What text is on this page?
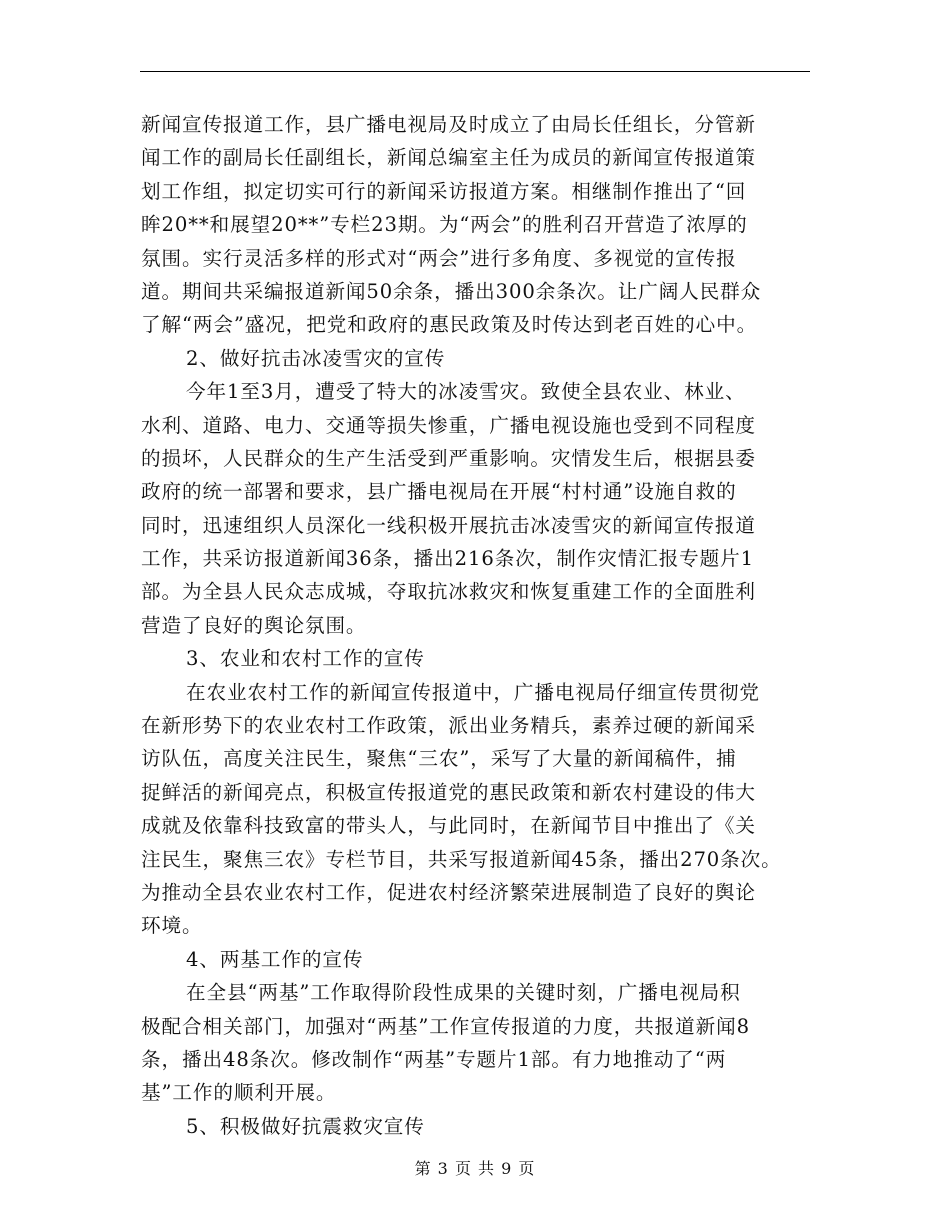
新闻宣传报道工作，县广播电视局及时成立了由局长任组长，分管新
闻工作的副局长任副组长，新闻总编室主任为成员的新闻宣传报道策
划工作组，拟定切实可行的新闻采访报道方案。相继制作推出了“回
眸20**和展望20**”专栏23期。为“两会”的胜利召开营造了浓厚的
氛围。实行灵活多样的形式对“两会”进行多角度、多视觉的宣传报
道。期间共采编报道新闻50余条，播出300余条次。让广阔人民群众
了解“两会”盛况，把党和政府的惠民政策及时传达到老百姓的心中。
2、做好抗击冰凌雪灾的宣传
今年1至3月，遭受了特大的冰凌雪灾。致使全县农业、林业、
水利、道路、电力、交通等损失惨重，广播电视设施也受到不同程度
的损坏，人民群众的生产生活受到严重影响。灾情发生后，根据县委
政府的统一部署和要求，县广播电视局在开展“村村通”设施自救的
同时，迅速组织人员深化一线积极开展抗击冰凌雪灾的新闻宣传报道
工作，共采访报道新闻36条，播出216条次，制作灾情汇报专题片1
部。为全县人民众志成城，夺取抗冰救灾和恢复重建工作的全面胜利
营造了良好的舆论氛围。
3、农业和农村工作的宣传
在农业农村工作的新闻宣传报道中，广播电视局仔细宣传贯彻党
在新形势下的农业农村工作政策，派出业务精兵，素养过硬的新闻采
访队伍，高度关注民生，聚焦“三农”，采写了大量的新闻稿件，捕
捉鲜活的新闻亮点，积极宣传报道党的惠民政策和新农村建设的伟大
成就及依靠科技致富的带头人，与此同时，在新闻节目中推出了《关
注民生，聚焦三农》专栏节目，共采写报道新闻45条，播出270条次。
为推动全县农业农村工作，促进农村经济繁荣进展制造了良好的舆论
环境。
4、两基工作的宣传
在全县“两基”工作取得阶段性成果的关键时刻，广播电视局积
极配合相关部门，加强对“两基”工作宣传报道的力度，共报道新闻8
条，播出48条次。修改制作“两基”专题片1部。有力地推动了“两
基”工作的顺利开展。
5、积极做好抗震救灾宣传
第 3 页 共 9 页
